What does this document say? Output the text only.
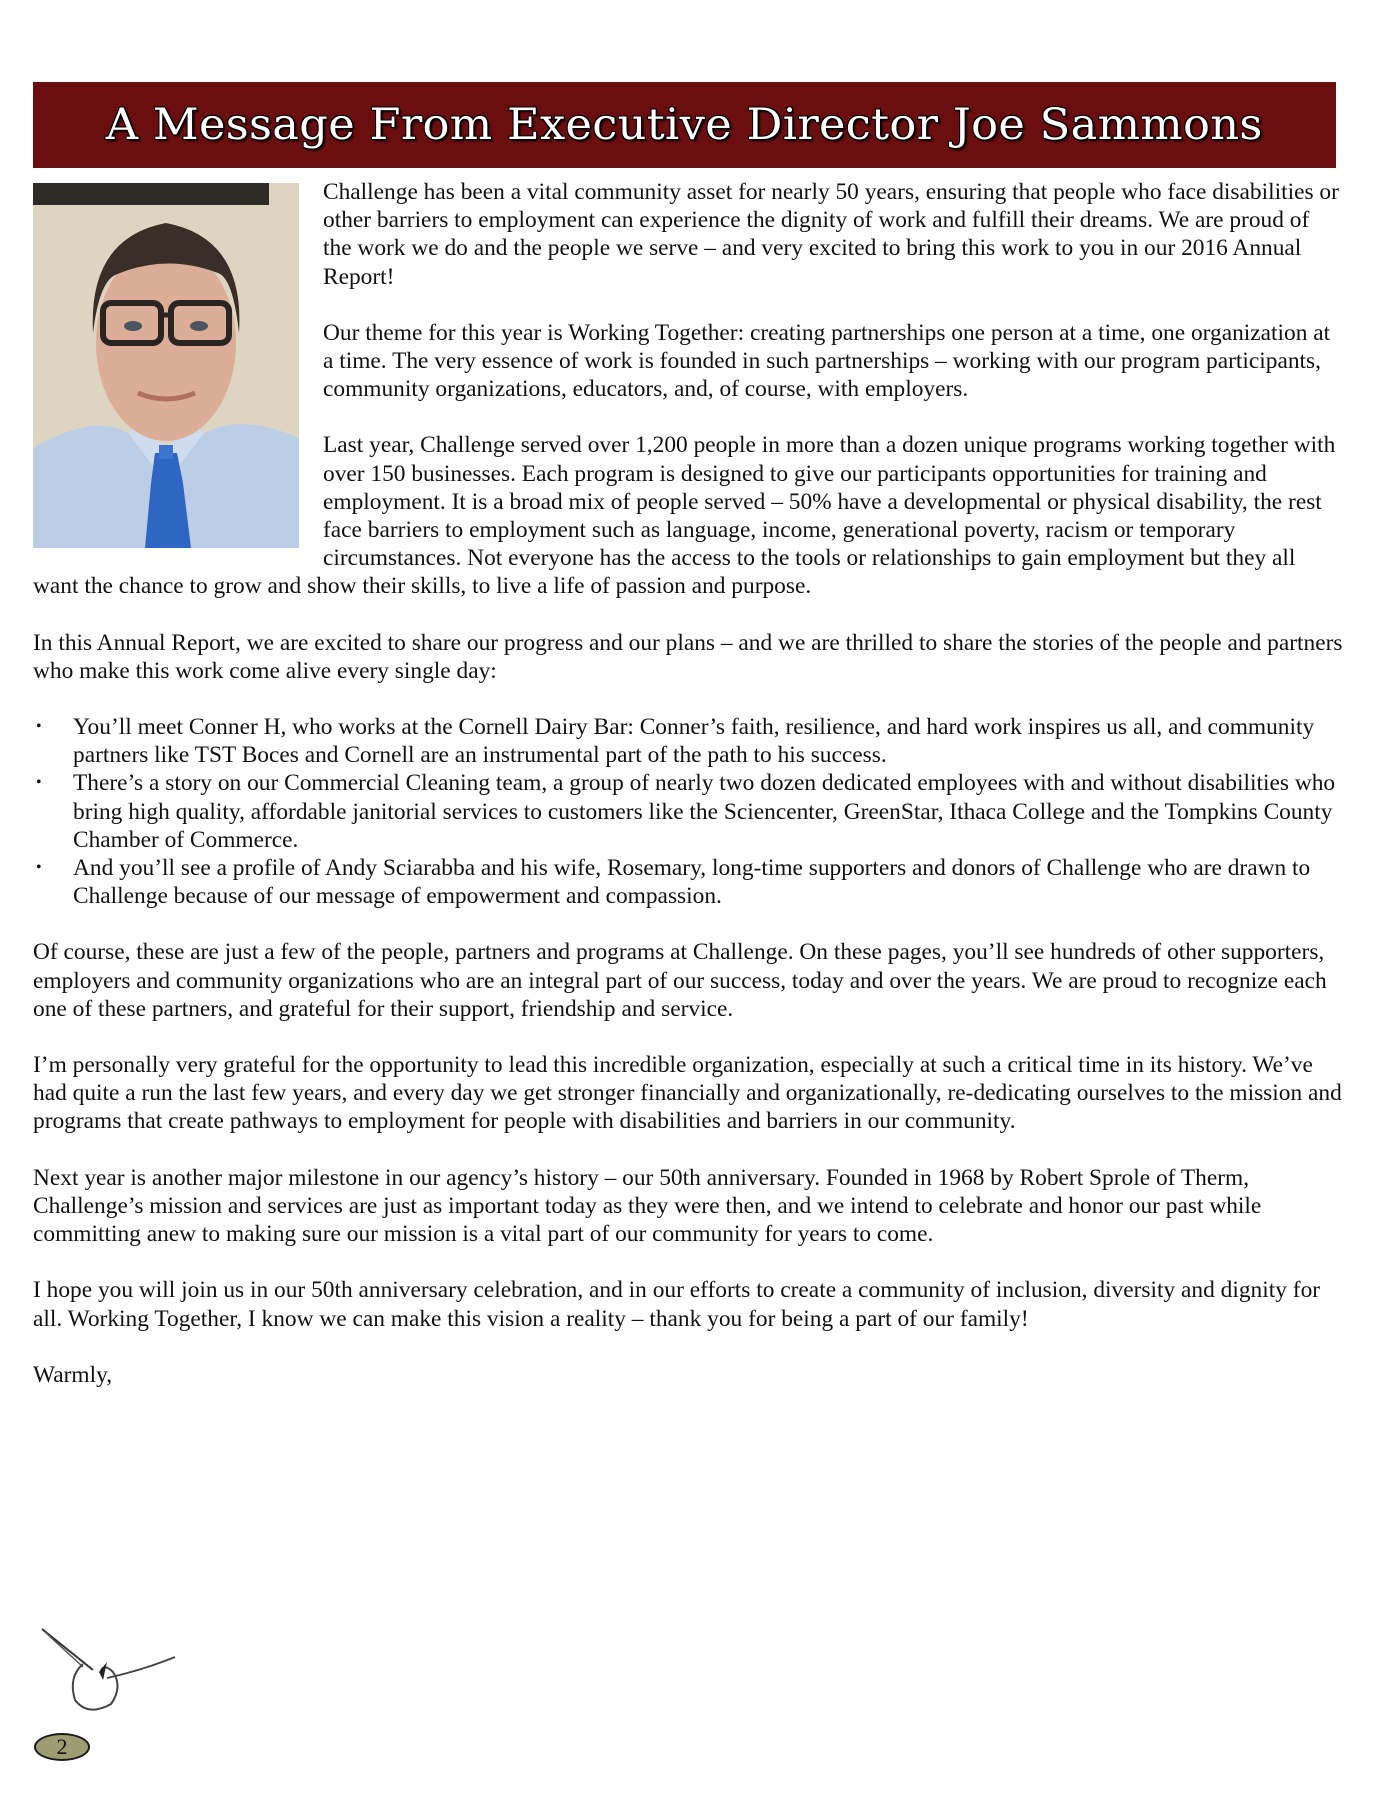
A Message From Executive Director Joe Sammons

Challenge has been a vital community asset for nearly 50 years, ensuring that people who face disabilities or other barriers to employment can experience the dignity of work and fulfill their dreams. We are proud of the work we do and the people we serve – and very excited to bring this work to you in our 2016 Annual Report!

Our theme for this year is Working Together: creating partnerships one person at a time, one organization at a time. The very essence of work is founded in such partnerships – working with our program participants, community organizations, educators, and, of course, with employers.

Last year, Challenge served over 1,200 people in more than a dozen unique programs working together with over 150 businesses. Each program is designed to give our participants opportunities for training and employment. It is a broad mix of people served – 50% have a developmental or physical disability, the rest face barriers to employment such as language, income, generational poverty, racism or temporary circumstances. Not everyone has the access to the tools or relationships to gain employment but they all want the chance to grow and show their skills, to live a life of passion and purpose.

In this Annual Report, we are excited to share our progress and our plans – and we are thrilled to share the stories of the people and partners who make this work come alive every single day:

• You’ll meet Conner H, who works at the Cornell Dairy Bar: Conner’s faith, resilience, and hard work inspires us all, and community partners like TST Boces and Cornell are an instrumental part of the path to his success.
• There’s a story on our Commercial Cleaning team, a group of nearly two dozen dedicated employees with and without disabilities who bring high quality, affordable janitorial services to customers like the Sciencenter, GreenStar, Ithaca College and the Tompkins County Chamber of Commerce.
• And you’ll see a profile of Andy Sciarabba and his wife, Rosemary, long-time supporters and donors of Challenge who are drawn to Challenge because of our message of empowerment and compassion.

Of course, these are just a few of the people, partners and programs at Challenge. On these pages, you’ll see hundreds of other supporters, employers and community organizations who are an integral part of our success, today and over the years. We are proud to recognize each one of these partners, and grateful for their support, friendship and service.

I’m personally very grateful for the opportunity to lead this incredible organization, especially at such a critical time in its history. We’ve had quite a run the last few years, and every day we get stronger financially and organizationally, re-dedicating ourselves to the mission and programs that create pathways to employment for people with disabilities and barriers in our community.

Next year is another major milestone in our agency’s history – our 50th anniversary. Founded in 1968 by Robert Sprole of Therm, Challenge’s mission and services are just as important today as they were then, and we intend to celebrate and honor our past while committing anew to making sure our mission is a vital part of our community for years to come.

I hope you will join us in our 50th anniversary celebration, and in our efforts to create a community of inclusion, diversity and dignity for all. Working Together, I know we can make this vision a reality – thank you for being a part of our family!

Warmly,

2
